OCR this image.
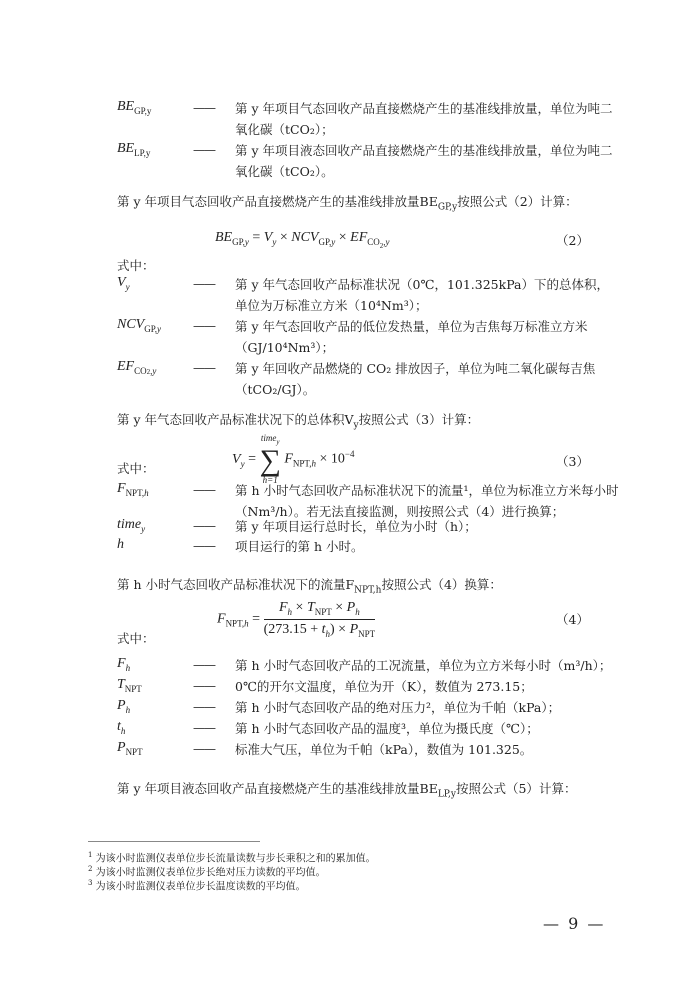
$BE_{GP,y}$	—— 第 y 年项目气态回收产品直接燃烧产生的基准线排放量，单位为吨二氧化碳（tCO₂）；
$BE_{LP,y}$	—— 第 y 年项目液态回收产品直接燃烧产生的基准线排放量，单位为吨二氧化碳（tCO₂）。
第 y 年项目气态回收产品直接燃烧产生的基准线排放量$BE_{GP,y}$按照公式（2）计算：
$BE_{GP,y} = V_y \times NCV_{GP,y} \times EF_{CO_2,y}$	（2）
式中：
$V_y$	—— 第 y 年气态回收产品标准状况（0℃，101.325kPa）下的总体积，单位为万标准立方米（10⁴Nm³）；
$NCV_{GP,y}$	—— 第 y 年气态回收产品的低位发热量，单位为吉焦每万标准立方米（GJ/10⁴Nm³）；
$EF_{CO2,y}$	—— 第 y 年回收产品燃烧的 CO₂ 排放因子，单位为吨二氧化碳每吉焦（tCO₂/GJ）。
第 y 年气态回收产品标准状况下的总体积$V_y$按照公式（3）计算：
$V_y$ =
time$_y$
∑
h=1
$F_{NPT,h} \times 10^{-4}$
（3）
式中：
$F_{NPT,h}$	—— 第 h 小时气态回收产品标准状况下的流量¹，单位为标准立方米每小时（Nm³/h）。若无法直接监测，则按照公式（4）进行换算；
time$_y$	—— 第 y 年项目运行总时长，单位为小时（h）；
h	—— 项目运行的第 h 小时。
第 h 小时气态回收产品标准状况下的流量$F_{NPT,h}$按照公式（4）换算：
$F_{NPT,h} = \frac{F_h \times T_{NPT} \times P_h}{(273.15 + t_h) \times P_{NPT}}$	（4）
式中：
$F_h$	—— 第 h 小时气态回收产品的工况流量，单位为立方米每小时（m³/h）；
$T_{NPT}$	—— 0℃的开尔文温度，单位为开（K），数值为 273.15；
$P_h$	—— 第 h 小时气态回收产品的绝对压力²，单位为千帕（kPa）；
$t_h$	—— 第 h 小时气态回收产品的温度³，单位为摄氏度（℃）；
$P_{NPT}$	—— 标准大气压，单位为千帕（kPa），数值为 101.325。
第 y 年项目液态回收产品直接燃烧产生的基准线排放量$BE_{LP,y}$按照公式（5）计算：
$^1$ 为该小时监测仪表单位步长流量读数与步长乘积之和的累加值。
$^2$ 为该小时监测仪表单位步长绝对压力读数的平均值。
$^3$ 为该小时监测仪表单位步长温度读数的平均值。
— 9 —
